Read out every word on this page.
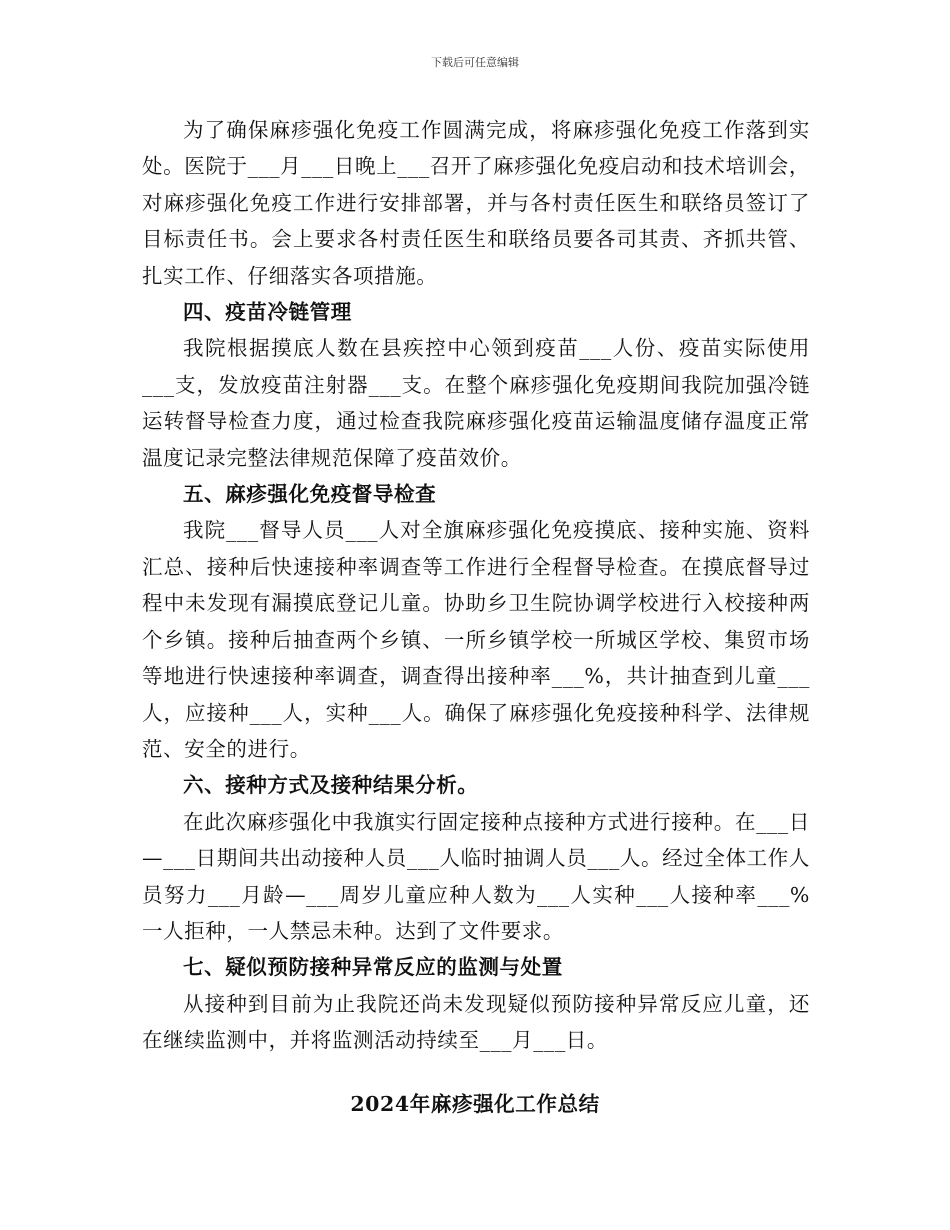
下载后可任意编辑

为了确保麻疹强化免疫工作圆满完成，将麻疹强化免疫工作落到实处。医院于___月___日晚上___召开了麻疹强化免疫启动和技术培训会，对麻疹强化免疫工作进行安排部署，并与各村责任医生和联络员签订了目标责任书。会上要求各村责任医生和联络员要各司其责、齐抓共管、扎实工作、仔细落实各项措施。

四、疫苗冷链管理

我院根据摸底人数在县疾控中心领到疫苗___人份、疫苗实际使用___支，发放疫苗注射器___支。在整个麻疹强化免疫期间我院加强冷链运转督导检查力度，通过检查我院麻疹强化疫苗运输温度储存温度正常温度记录完整法律规范保障了疫苗效价。

五、麻疹强化免疫督导检查

我院___督导人员___人对全旗麻疹强化免疫摸底、接种实施、资料汇总、接种后快速接种率调查等工作进行全程督导检查。在摸底督导过程中未发现有漏摸底登记儿童。协助乡卫生院协调学校进行入校接种两个乡镇。接种后抽查两个乡镇、一所乡镇学校一所城区学校、集贸市场等地进行快速接种率调查，调查得出接种率___%，共计抽查到儿童___人，应接种___人，实种___人。确保了麻疹强化免疫接种科学、法律规范、安全的进行。

六、接种方式及接种结果分析。

在此次麻疹强化中我旗实行固定接种点接种方式进行接种。在___日—___日期间共出动接种人员___人临时抽调人员___人。经过全体工作人员努力___月龄—___周岁儿童应种人数为___人实种___人接种率___%一人拒种，一人禁忌未种。达到了文件要求。

七、疑似预防接种异常反应的监测与处置

从接种到目前为止我院还尚未发现疑似预防接种异常反应儿童，还在继续监测中，并将监测活动持续至___月___日。

2024年麻疹强化工作总结
